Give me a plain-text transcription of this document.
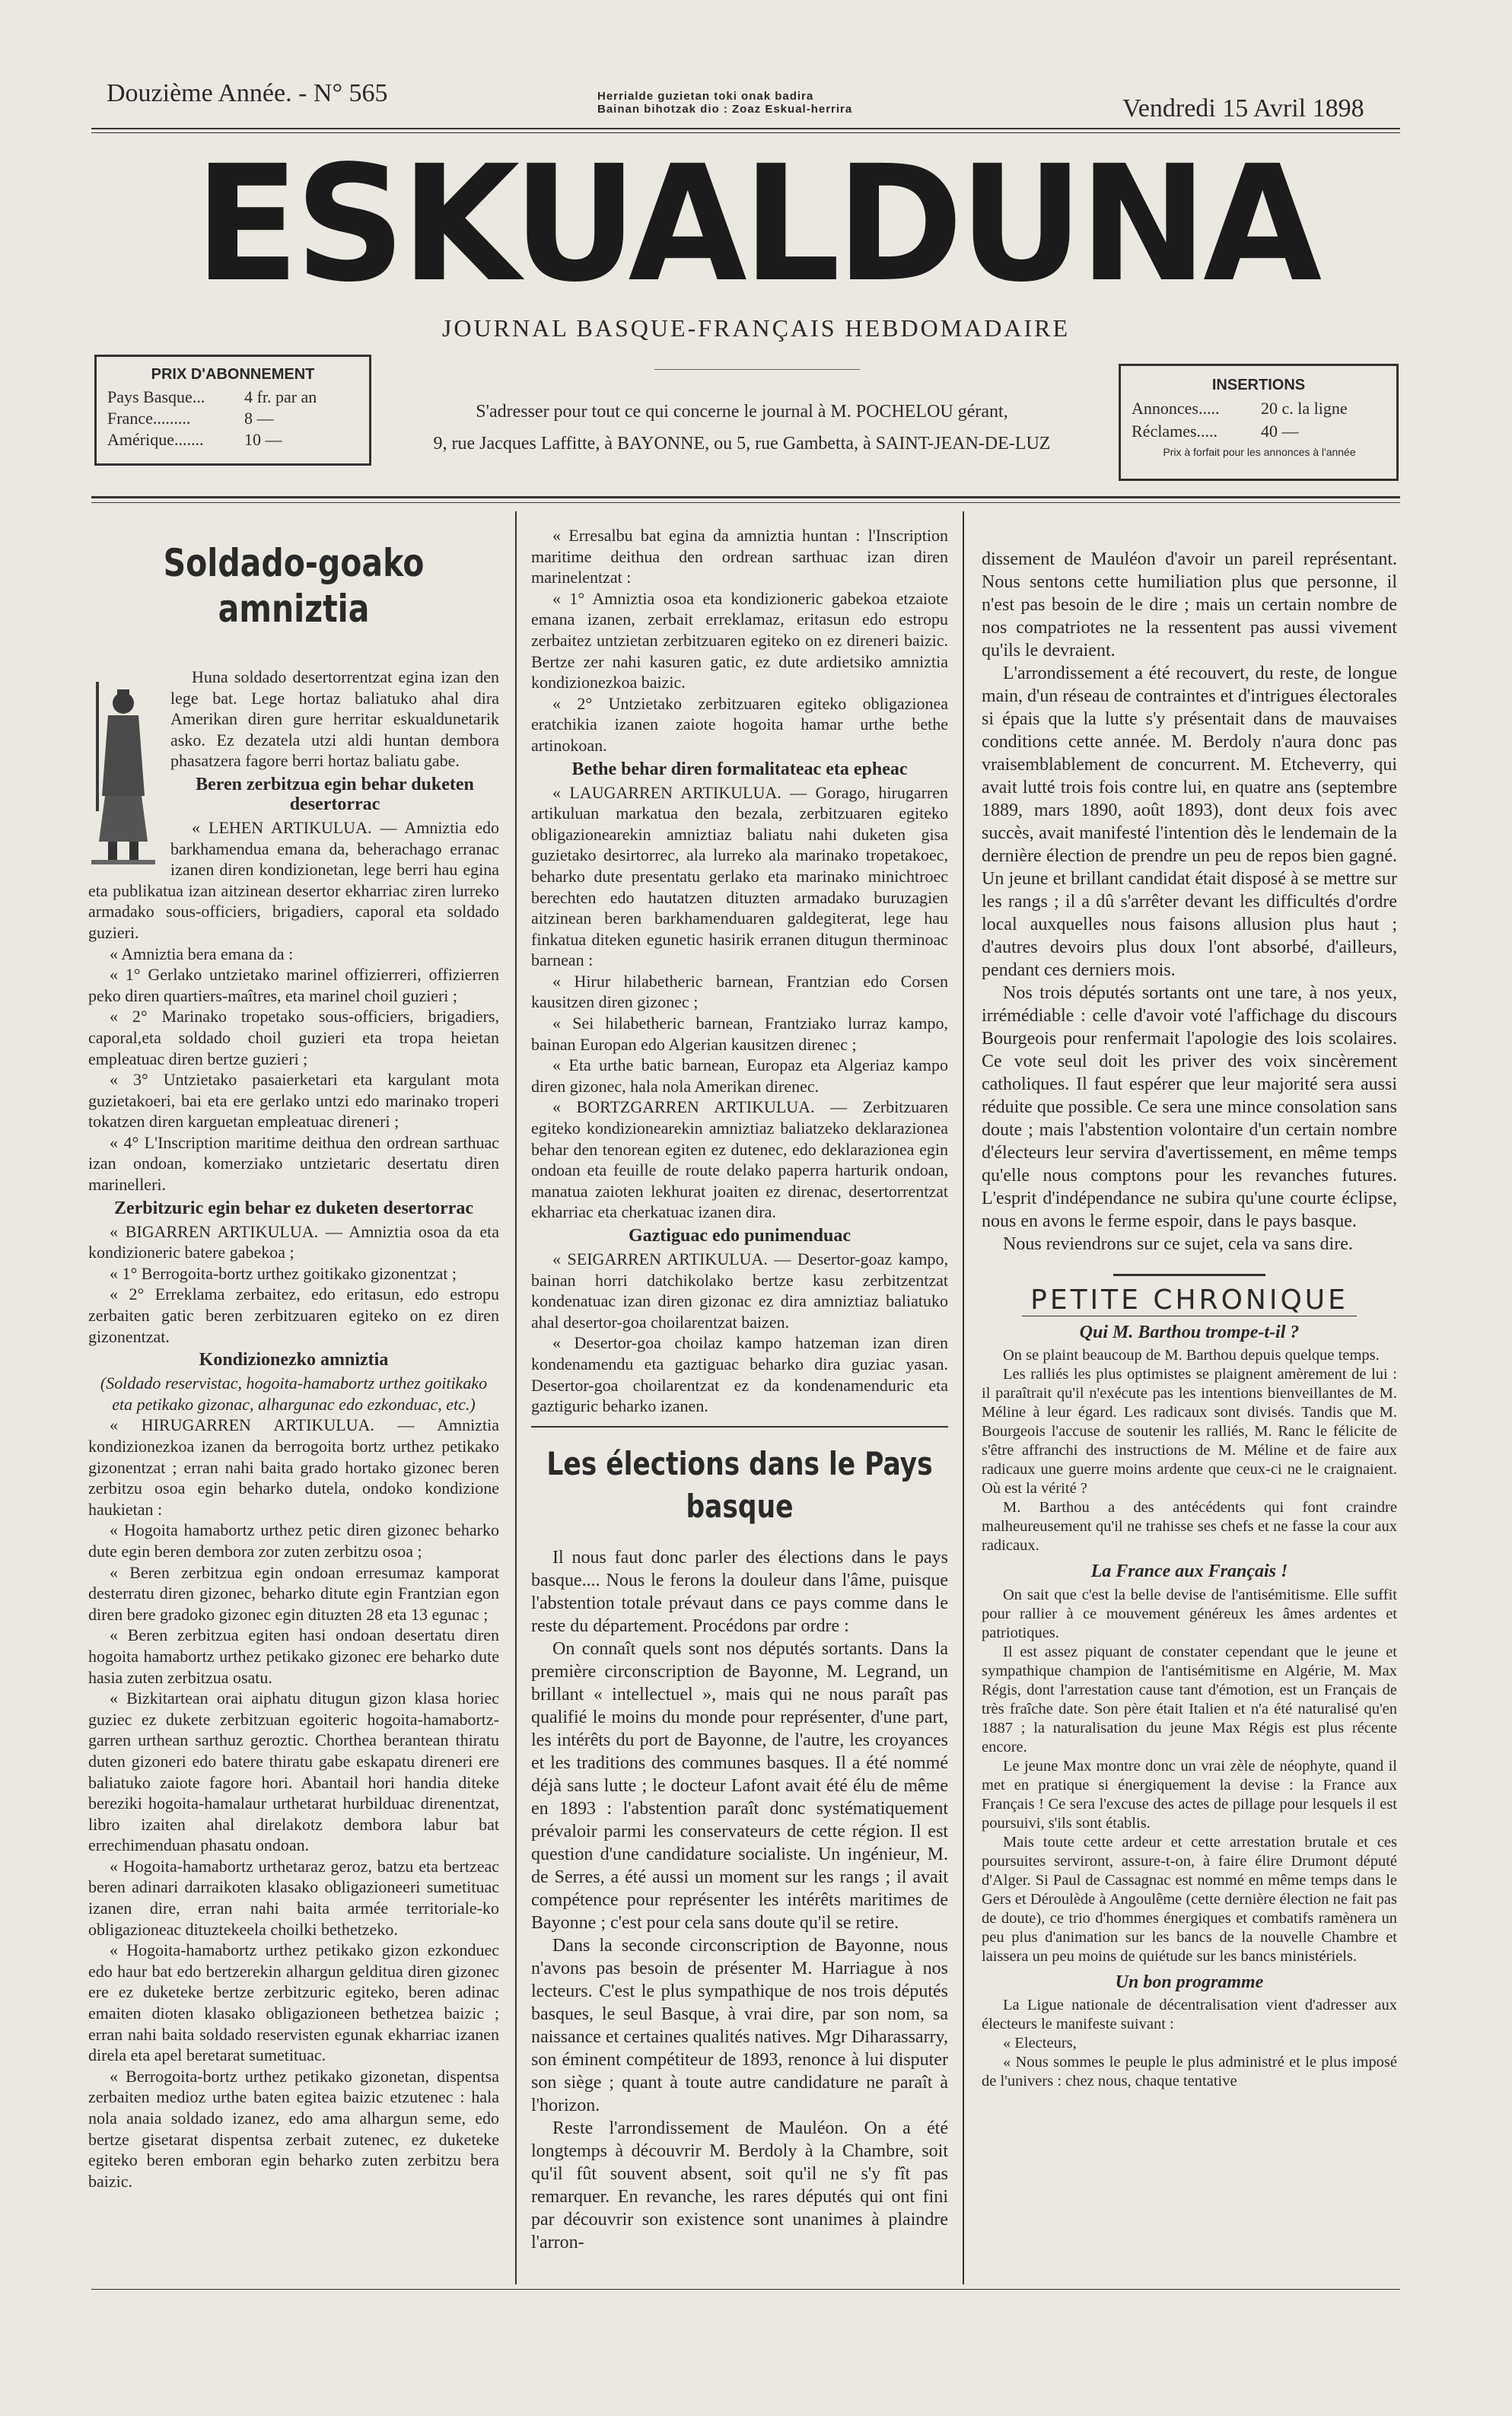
Douzième Année. - N° 565	Herrialde guzietan toki onak badira
Bainan bihotzak dio : Zoaz Eskual-herrira	Vendredi 15 Avril 1898
ESKUALDUNA
JOURNAL BASQUE-FRANÇAIS HEBDOMADAIRE
PRIX D'ABONNEMENT
Pays Basque...	4 fr. par an
France.........	8 —
Amérique.......	10 —
S'adresser pour tout ce qui concerne le journal à M. POCHELOU gérant,
9, rue Jacques Laffitte, à BAYONNE, ou 5, rue Gambetta, à SAINT-JEAN-DE-LUZ
INSERTIONS
Annonces.....	20 c. la ligne
Réclames.....	40 —
Prix à forfait pour les annonces à l'année
Soldado-goako amniztia

Huna soldado desertorrentzat egina izan den lege bat. Lege hortaz baliatuko ahal dira Amerikan diren gure herritar eskualdunetarik asko. Ez dezatela utzi aldi huntan dembora phasatzera fagore berri hortaz baliatu gabe.

Beren zerbitzua egin behar duketen desertorrac

« LEHEN ARTIKULUA. — Amniztia edo barkhamendua emana da, beherachago erranac izanen diren kondizionetan, lege berri hau egina eta publikatua izan aitzinean desertor ekharriac ziren lurreko armadako sous-officiers, brigadiers, caporal eta soldado guzieri.

« Amniztia bera emana da :

« 1° Gerlako untzietako marinel offizierreri, offizierren peko diren quartiers-maîtres, eta marinel choil guzieri ;

« 2° Marinako tropetako sous-officiers, brigadiers, caporal,eta soldado choil guzieri eta tropa heietan empleatuac diren bertze guzieri ;

« 3° Untzietako pasaierketari eta kargulant mota guzietakoeri, bai eta ere gerlako untzi edo marinako troperi tokatzen diren karguetan empleatuac direneri ;

« 4° L'Inscription maritime deithua den ordrean sarthuac izan ondoan, komerziako untzietaric desertatu diren marinelleri.

Zerbitzuric egin behar ez duketen desertorrac

« BIGARREN ARTIKULUA. — Amniztia osoa da eta kondizioneric batere gabekoa ;

« 1° Berrogoita-bortz urthez goitikako gizonentzat ;

« 2° Erreklama zerbaitez, edo eritasun, edo estropu zerbaiten gatic beren zerbitzuaren egiteko on ez diren gizonentzat.

Kondizionezko amniztia

(Soldado reservistac, hogoita-hamabortz urthez goitikako eta petikako gizonac, alhargunac edo ezkonduac, etc.)

« HIRUGARREN ARTIKULUA. — Amniztia kondizionezkoa izanen da berrogoita bortz urthez petikako gizonentzat ; erran nahi baita grado hortako gizonec beren zerbitzu osoa egin beharko dutela, ondoko kondizione haukietan :

« Hogoita hamabortz urthez petic diren gizonec beharko dute egin beren dembora zor zuten zerbitzu osoa ;

« Beren zerbitzua egin ondoan erresumaz kamporat desterratu diren gizonec, beharko ditute egin Frantzian egon diren bere gradoko gizonec egin dituzten 28 eta 13 egunac ;

« Beren zerbitzua egiten hasi ondoan desertatu diren hogoita hamabortz urthez petikako gizonec ere beharko dute hasia zuten zerbitzua osatu.

« Bizkitartean orai aiphatu ditugun gizon klasa horiec guziec ez dukete zerbitzuan egoiteric hogoita-hamabortz-garren urthean sarthuz geroztic. Chorthea berantean thiratu duten gizoneri edo batere thiratu gabe eskapatu direneri ere baliatuko zaiote fagore hori. Abantail hori handia diteke bereziki hogoita-hamalaur urthetarat hurbilduac direnentzat, libro izaiten ahal direlakotz dembora labur bat errechimenduan phasatu ondoan.

« Hogoita-hamabortz urthetaraz geroz, batzu eta bertzeac beren adinari darraikoten klasako obligazioneeri sumetituac izanen dire, erran nahi baita armée territoriale-ko obligazioneac dituztekeela choilki bethetzeko.

« Hogoita-hamabortz urthez petikako gizon ezkonduec edo haur bat edo bertzerekin alhargun gelditua diren gizonec ere ez duketeke bertze zerbitzuric egiteko, beren adinac emaiten dioten klasako obligazioneen bethetzea baizic ; erran nahi baita soldado reservisten egunak ekharriac izanen direla eta apel beretarat sumetituac.

« Berrogoita-bortz urthez petikako gizonetan, dispentsa zerbaiten medioz urthe baten egitea baizic etzutenec : hala nola anaia soldado izanez, edo ama alhargun seme, edo bertze gisetarat dispentsa zerbait zutenec, ez duketeke egiteko beren emboran egin beharko zuten zerbitzu bera baizic.

« Erresalbu bat egina da amniztia huntan : l'Inscription maritime deithua den ordrean sarthuac izan diren marinelentzat :

« 1° Amniztia osoa eta kondizioneric gabekoa etzaiote emana izanen, zerbait erreklamaz, eritasun edo estropu zerbaitez untzietan zerbitzuaren egiteko on ez direneri baizic. Bertze zer nahi kasuren gatic, ez dute ardietsiko amniztia kondizionezkoa baizic.

« 2° Untzietako zerbitzuaren egiteko obligazionea eratchikia izanen zaiote hogoita hamar urthe bethe artinokoan.

Bethe behar diren formalitateac eta epheac

« LAUGARREN ARTIKULUA. — Gorago, hirugarren artikuluan markatua den bezala, zerbitzuaren egiteko obligazionearekin amniztiaz baliatu nahi duketen gisa guzietako desirtorrec, ala lurreko ala marinako tropetakoec, beharko dute presentatu gerlako eta marinako minichtroec berechten edo hautatzen dituzten armadako buruzagien aitzinean beren barkhamenduaren galdegiterat, lege hau finkatua diteken egunetic hasirik erranen ditugun therminoac barnean :

« Hirur hilabetheric barnean, Frantzian edo Corsen kausitzen diren gizonec ;

« Sei hilabetheric barnean, Frantziako lurraz kampo, bainan Europan edo Algerian kausitzen direnec ;

« Eta urthe batic barnean, Europaz eta Algeriaz kampo diren gizonec, hala nola Amerikan direnec.

« BORTZGARREN ARTIKULUA. — Zerbitzuaren egiteko kondizionearekin amniztiaz baliatzeko deklarazionea behar den tenorean egiten ez dutenec, edo deklarazionea egin ondoan eta feuille de route delako paperra harturik ondoan, manatua zaioten lekhurat joaiten ez direnac, desertorrentzat ekharriac eta cherkatuac izanen dira.

Gaztiguac edo punimenduac

« SEIGARREN ARTIKULUA. — Desertor-goaz kampo, bainan horri datchikolako bertze kasu zerbitzentzat kondenatuac izan diren gizonac ez dira amniztiaz baliatuko ahal desertor-goa choilarentzat baizen.

« Desertor-goa choilaz kampo hatzeman izan diren kondenamendu eta gaztiguac beharko dira guziac yasan. Desertor-goa choilarentzat ez da kondenamenduric eta gaztiguric beharko izanen.

Les élections dans le Pays basque

Il nous faut donc parler des élections dans le pays basque.... Nous le ferons la douleur dans l'âme, puisque l'abstention totale prévaut dans ce pays comme dans le reste du département. Procédons par ordre :

On connaît quels sont nos députés sortants. Dans la première circonscription de Bayonne, M. Legrand, un brillant « intellectuel », mais qui ne nous paraît pas qualifié le moins du monde pour représenter, d'une part, les intérêts du port de Bayonne, de l'autre, les croyances et les traditions des communes basques. Il a été nommé déjà sans lutte ; le docteur Lafont avait été élu de même en 1893 : l'abstention paraît donc systématiquement prévaloir parmi les conservateurs de cette région. Il est question d'une candidature socialiste. Un ingénieur, M. de Serres, a été aussi un moment sur les rangs ; il avait compétence pour représenter les intérêts maritimes de Bayonne ; c'est pour cela sans doute qu'il se retire.

Dans la seconde circonscription de Bayonne, nous n'avons pas besoin de présenter M. Harriague à nos lecteurs. C'est le plus sympathique de nos trois députés basques, le seul Basque, à vrai dire, par son nom, sa naissance et certaines qualités natives. Mgr Diharassarry, son éminent compétiteur de 1893, renonce à lui disputer son siège ; quant à toute autre candidature ne paraît à l'horizon.

Reste l'arrondissement de Mauléon. On a été longtemps à découvrir M. Berdoly à la Chambre, soit qu'il fût souvent absent, soit qu'il ne s'y fît pas remarquer. En revanche, les rares députés qui ont fini par découvrir son existence sont unanimes à plaindre l'arron-

dissement de Mauléon d'avoir un pareil représentant. Nous sentons cette humiliation plus que personne, il n'est pas besoin de le dire ; mais un certain nombre de nos compatriotes ne la ressentent pas aussi vivement qu'ils le devraient.

L'arrondissement a été recouvert, du reste, de longue main, d'un réseau de contraintes et d'intrigues électorales si épais que la lutte s'y présentait dans de mauvaises conditions cette année. M. Berdoly n'aura donc pas vraisemblablement de concurrent. M. Etcheverry, qui avait lutté trois fois contre lui, en quatre ans (septembre 1889, mars 1890, août 1893), dont deux fois avec succès, avait manifesté l'intention dès le lendemain de la dernière élection de prendre un peu de repos bien gagné. Un jeune et brillant candidat était disposé à se mettre sur les rangs ; il a dû s'arrêter devant les difficultés d'ordre local auxquelles nous faisons allusion plus haut ; d'autres devoirs plus doux l'ont absorbé, d'ailleurs, pendant ces derniers mois.

Nos trois députés sortants ont une tare, à nos yeux, irrémédiable : celle d'avoir voté l'affichage du discours Bourgeois pour renfermait l'apologie des lois scolaires. Ce vote seul doit les priver des voix sincèrement catholiques. Il faut espérer que leur majorité sera aussi réduite que possible. Ce sera une mince consolation sans doute ; mais l'abstention volontaire d'un certain nombre d'électeurs leur servira d'avertissement, en même temps qu'elle nous comptons pour les revanches futures. L'esprit d'indépendance ne subira qu'une courte éclipse, nous en avons le ferme espoir, dans le pays basque.

Nous reviendrons sur ce sujet, cela va sans dire.

PETITE CHRONIQUE
Qui M. Barthou trompe-t-il ?

On se plaint beaucoup de M. Barthou depuis quelque temps.

Les ralliés les plus optimistes se plaignent amèrement de lui : il paraîtrait qu'il n'exécute pas les intentions bienveillantes de M. Méline à leur égard. Les radicaux sont divisés. Tandis que M. Bourgeois l'accuse de soutenir les ralliés, M. Ranc le félicite de s'être affranchi des instructions de M. Méline et de faire aux radicaux une guerre moins ardente que ceux-ci ne le craignaient. Où est la vérité ?

M. Barthou a des antécédents qui font craindre malheureusement qu'il ne trahisse ses chefs et ne fasse la cour aux radicaux.

La France aux Français !

On sait que c'est la belle devise de l'antisémitisme. Elle suffit pour rallier à ce mouvement généreux les âmes ardentes et patriotiques.

Il est assez piquant de constater cependant que le jeune et sympathique champion de l'antisémitisme en Algérie, M. Max Régis, dont l'arrestation cause tant d'émotion, est un Français de très fraîche date. Son père était Italien et n'a été naturalisé qu'en 1887 ; la naturalisation du jeune Max Régis est plus récente encore.

Le jeune Max montre donc un vrai zèle de néophyte, quand il met en pratique si énergiquement la devise : la France aux Français ! Ce sera l'excuse des actes de pillage pour lesquels il est poursuivi, s'ils sont établis.

Mais toute cette ardeur et cette arrestation brutale et ces poursuites serviront, assure-t-on, à faire élire Drumont député d'Alger. Si Paul de Cassagnac est nommé en même temps dans le Gers et Déroulède à Angoulême (cette dernière élection ne fait pas de doute), ce trio d'hommes énergiques et combatifs ramènera un peu plus d'animation sur les bancs de la nouvelle Chambre et laissera un peu moins de quiétude sur les bancs ministériels.

Un bon programme

La Ligue nationale de décentralisation vient d'adresser aux électeurs le manifeste suivant :

« Electeurs,

« Nous sommes le peuple le plus administré et le plus imposé de l'univers : chez nous, chaque tentative
